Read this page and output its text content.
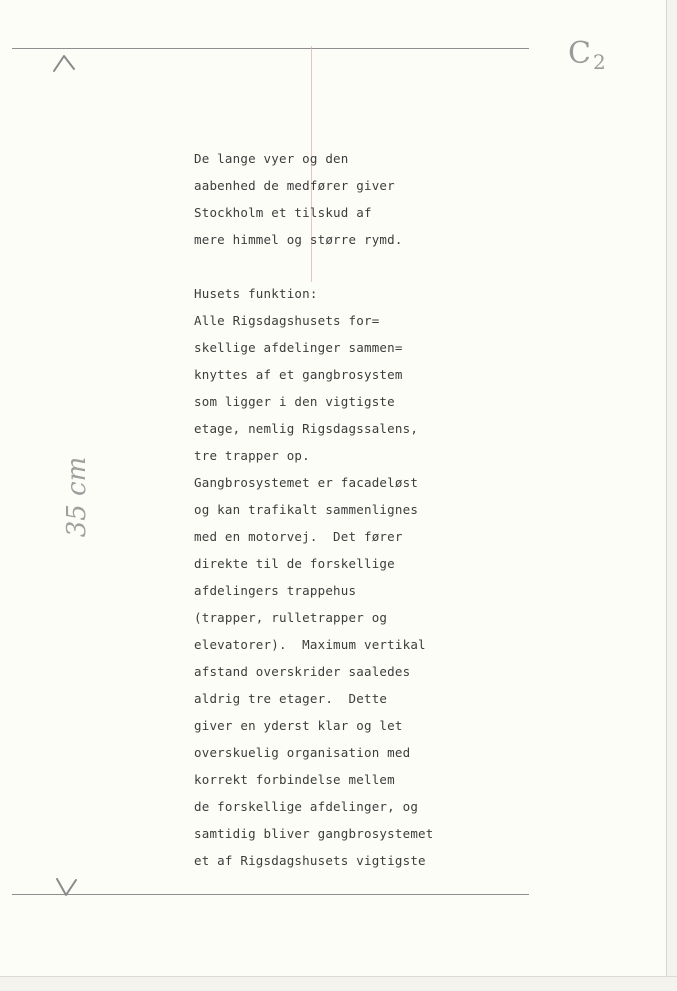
$C_2$
35 cm
De lange vyer og den
aabenhed de medfører giver
Stockholm et tilskud af
mere himmel og større rymd.
Husets funktion:
Alle Rigsdagshusets for=
skellige afdelinger sammen=
knyttes af et gangbrosystem
som ligger i den vigtigste
etage, nemlig Rigsdagssalens,
tre trapper op.
Gangbrosystemet er facadeløst
og kan trafikalt sammenlignes
med en motorvej.  Det fører
direkte til de forskellige
afdelingers trappehus
(trapper, rulletrapper og
elevatorer).  Maximum vertikal
afstand overskrider saaledes
aldrig tre etager.  Dette
giver en yderst klar og let
overskuelig organisation med
korrekt forbindelse mellem
de forskellige afdelinger, og
samtidig bliver gangbrosystemet
et af Rigsdagshusets vigtigste
